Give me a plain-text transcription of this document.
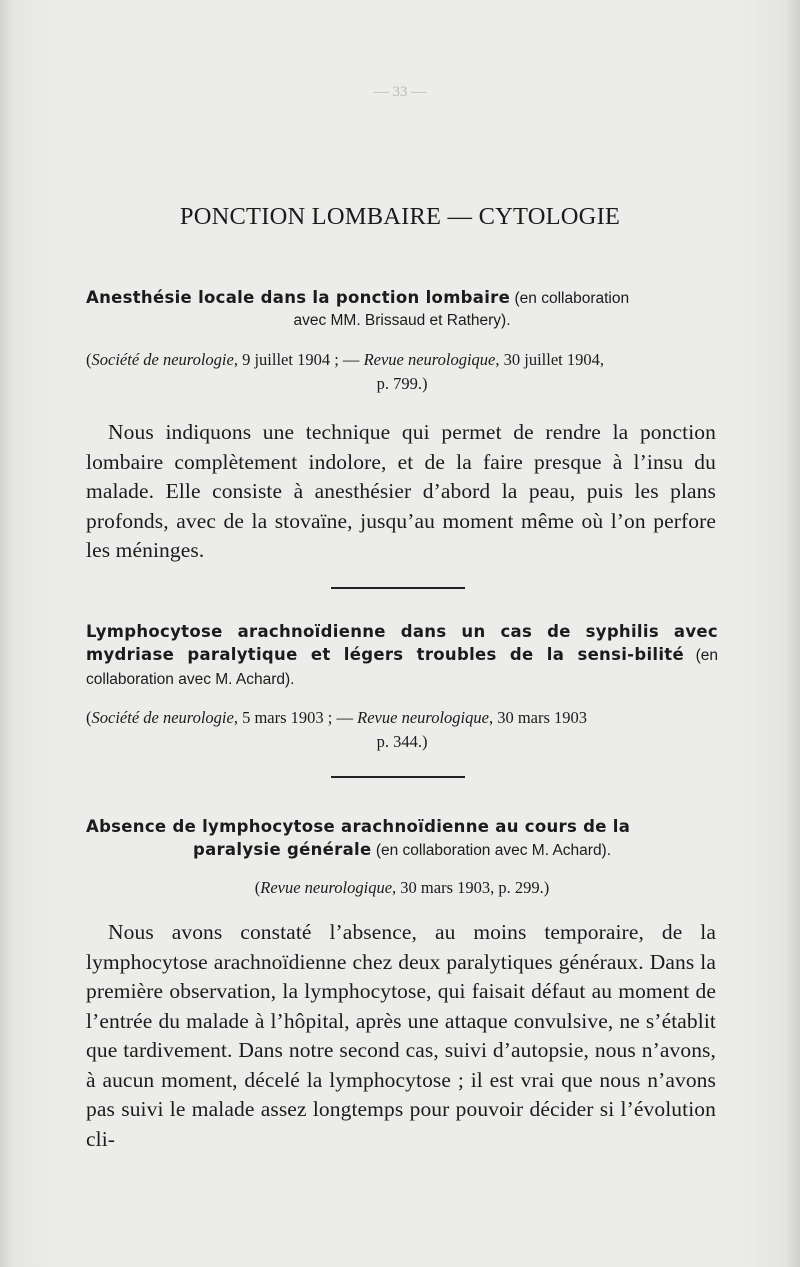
— 33 —
PONCTION LOMBAIRE — CYTOLOGIE
Anesthésie locale dans la ponction lombaire (en collaboration
avec MM. Brissaud et Rathery).

(Société de neurologie, 9 juillet 1904 ; — Revue neurologique, 30 juillet 1904,
p. 799.)

Nous indiquons une technique qui permet de rendre la ponction lombaire complètement indolore, et de la faire presque à l’insu du malade. Elle consiste à anesthésier d’abord la peau, puis les plans profonds, avec de la stovaïne, jusqu’au moment même où l’on perfore les méninges.

Lymphocytose arachnoïdienne dans un cas de syphilis avec mydriase paralytique et légers troubles de la sensi-bilité (en collaboration avec M. Achard).

(Société de neurologie, 5 mars 1903 ; — Revue neurologique, 30 mars 1903
p. 344.)

Absence de lymphocytose arachnoïdienne au cours de la
paralysie générale (en collaboration avec M. Achard).

(Revue neurologique, 30 mars 1903, p. 299.)

Nous avons constaté l’absence, au moins temporaire, de la lymphocytose arachnoïdienne chez deux paralytiques généraux. Dans la première observation, la lymphocytose, qui faisait défaut au moment de l’entrée du malade à l’hôpital, après une attaque convulsive, ne s’établit que tardivement. Dans notre second cas, suivi d’autopsie, nous n’avons, à aucun moment, décelé la lymphocytose ; il est vrai que nous n’avons pas suivi le malade assez longtemps pour pouvoir décider si l’évolution cli-
